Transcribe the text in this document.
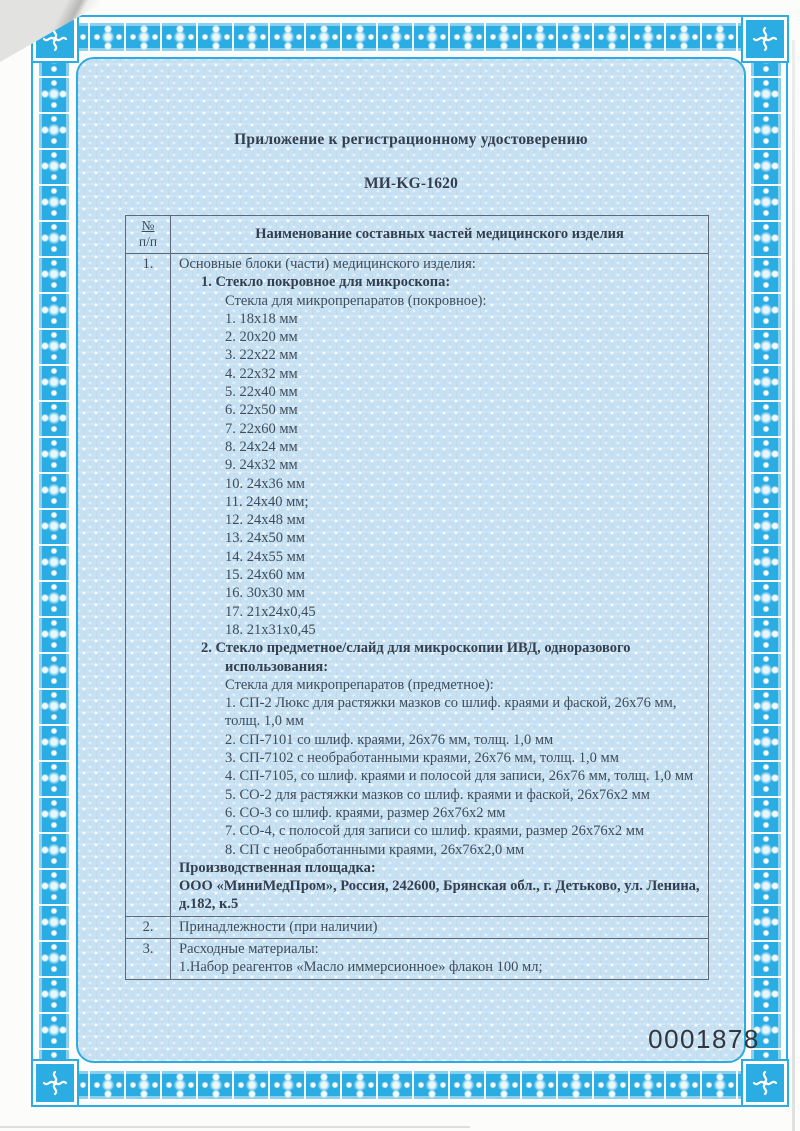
Приложение к регистрационному удостоверению
МИ-KG-1620
№
п/п	Наименование составных частей медицинского изделия
1.	Основные блоки (части) медицинского изделия:
1. Стекло покровное для микроскопа:
Стекла для микропрепаратов (покровное):
1. 18х18 мм
2. 20х20 мм
3. 22х22 мм
4. 22х32 мм
5. 22х40 мм
6. 22х50 мм
7. 22х60 мм
8. 24х24 мм
9. 24х32 мм
10. 24х36 мм
11. 24х40 мм;
12. 24х48 мм
13. 24х50 мм
14. 24х55 мм
15. 24х60 мм
16. 30х30 мм
17. 21х24х0,45
18. 21х31х0,45
2. Стекло предметное/слайд для микроскопии ИВД, одноразового использования:
Стекла для микропрепаратов (предметное):
1. СП-2 Люкс для растяжки мазков со шлиф. краями и фаской, 26х76 мм, толщ. 1,0 мм
2. СП-7101 со шлиф. краями, 26х76 мм, толщ. 1,0 мм
3. СП-7102 с необработанными краями, 26х76 мм, толщ. 1,0 мм
4. СП-7105, со шлиф. краями и полосой для записи, 26х76 мм, толщ. 1,0 мм
5. СО-2 для растяжки мазков со шлиф. краями и фаской, 26х76х2 мм
6. СО-3 со шлиф. краями, размер 26х76х2 мм
7. СО-4, с полосой для записи со шлиф. краями, размер 26х76х2 мм
8. СП с необработанными краями, 26х76х2,0 мм
Производственная площадка:
ООО «МиниМедПром», Россия, 242600, Брянская обл., г. Детьково, ул. Ленина, д.182, к.5
2.	Принадлежности (при наличии)
3.	Расходные материалы:
1.Набор реагентов «Масло иммерсионное» флакон 100 мл;
0001878
